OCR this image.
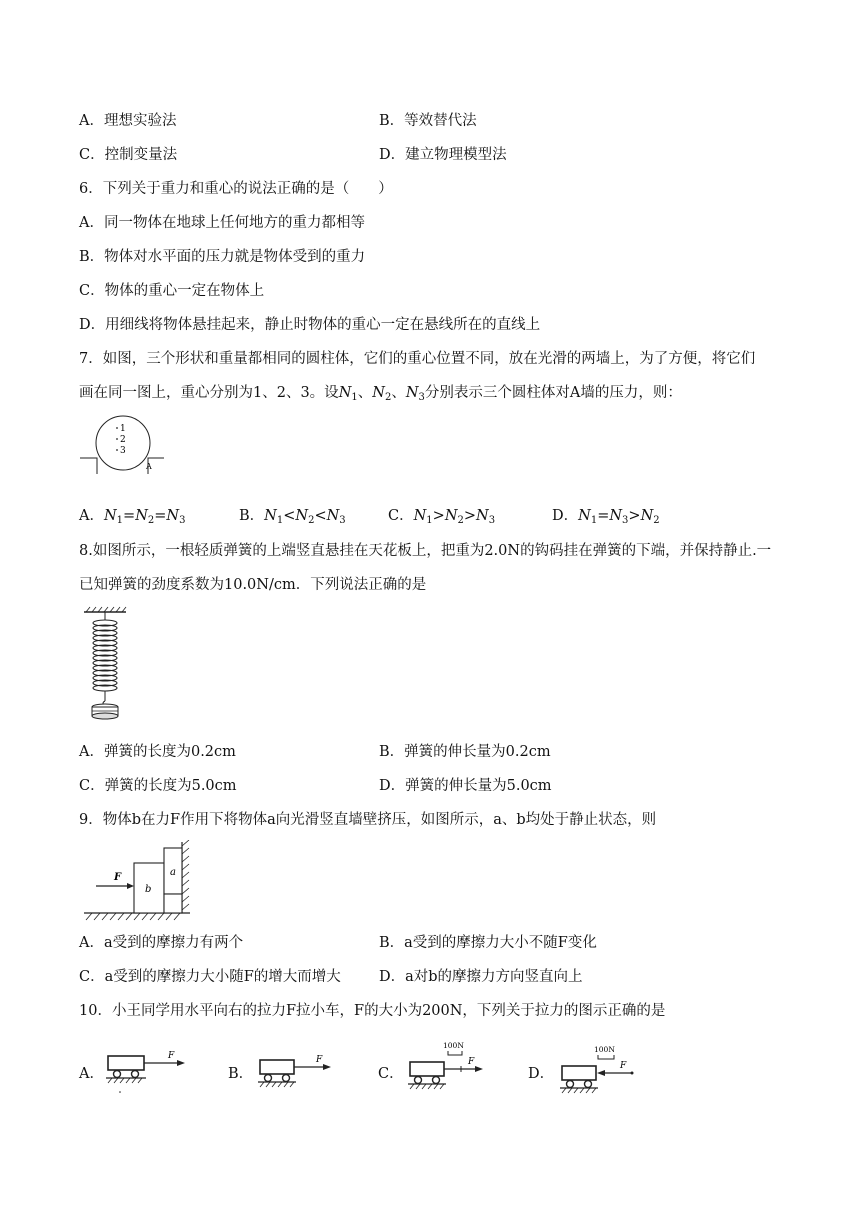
A．理想实验法	B．等效替代法
C．控制变量法	D．建立物理模型法
6．下列关于重力和重心的说法正确的是（　　）
A．同一物体在地球上任何地方的重力都相等
B．物体对水平面的压力就是物体受到的重力
C．物体的重心一定在物体上
D．用细线将物体悬挂起来，静止时物体的重心一定在悬线所在的直线上
7．如图，三个形状和重量都相同的圆柱体，它们的重心位置不同，放在光滑的两墙上，为了方便，将它们
画在同一图上，重心分别为1、2、3。设$N_1$、$N_2$、$N_3$分别表示三个圆柱体对A墙的压力，则：
1
2
3
A
A．$N_1=N_2=N_3$	B．$N_1<N_2<N_3$	C．$N_1>N_2>N_3$	D．$N_1=N_3>N_2$
8.如图所示，一根轻质弹簧的上端竖直悬挂在天花板上，把重为2.0N的钩码挂在弹簧的下端，并保持静止.一
已知弹簧的劲度系数为10.0N/cm．下列说法正确的是
A．弹簧的长度为0.2cm	B．弹簧的伸长量为0.2cm
C．弹簧的长度为5.0cm	D．弹簧的伸长量为5.0cm
9．物体b在力F作用下将物体a向光滑竖直墙壁挤压，如图所示，a、b均处于静止状态，则
F
b
a
A．a受到的摩擦力有两个	B．a受到的摩擦力大小不随F变化
C．a受到的摩擦力大小随F的增大而增大	D．a对b的摩擦力方向竖直向上
10．小王同学用水平向右的拉力F拉小车，F的大小为200N，下列关于拉力的图示正确的是
A．
F
B．
F
C．
100N
F
D．
100N
F
